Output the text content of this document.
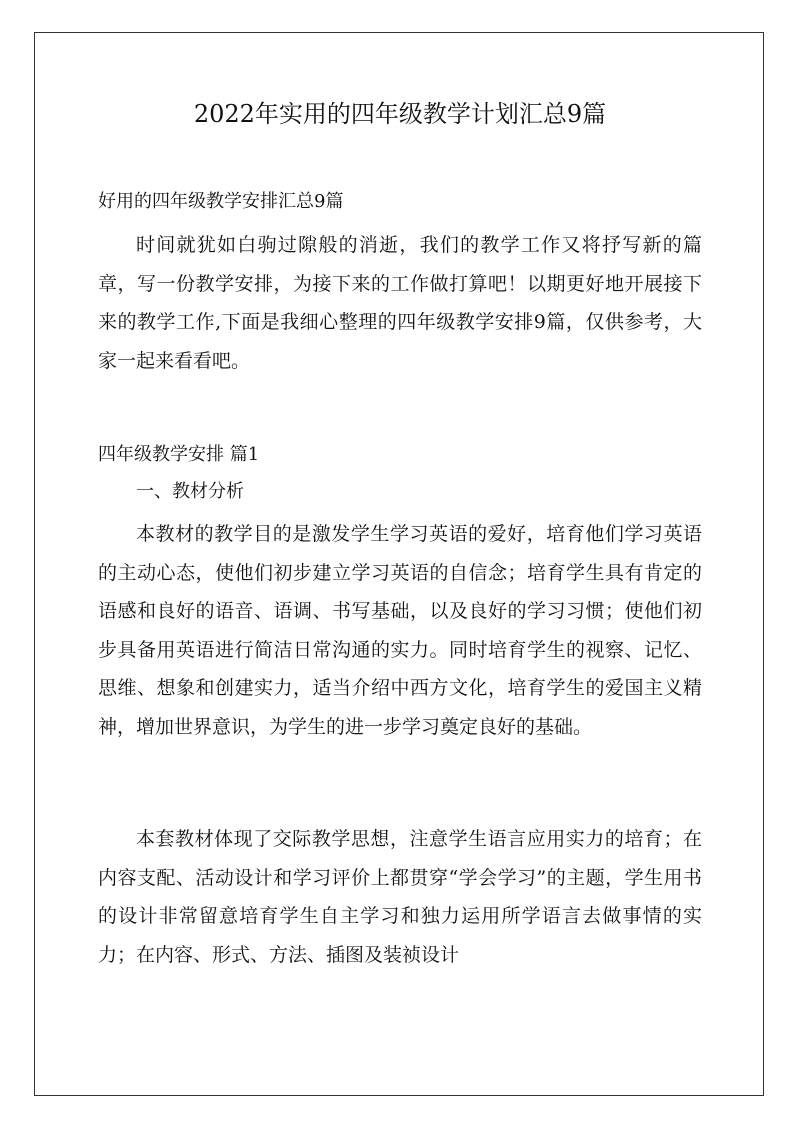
2022年实用的四年级教学计划汇总9篇
好用的四年级教学安排汇总9篇

时间就犹如白驹过隙般的消逝，我们的教学工作又将抒写新的篇章，写一份教学安排，为接下来的工作做打算吧！以期更好地开展接下来的教学工作,下面是我细心整理的四年级教学安排9篇，仅供参考，大家一起来看看吧。

四年级教学安排 篇1
一、教材分析

本教材的教学目的是激发学生学习英语的爱好，培育他们学习英语的主动心态，使他们初步建立学习英语的自信念；培育学生具有肯定的语感和良好的语音、语调、书写基础，以及良好的学习习惯；使他们初步具备用英语进行简洁日常沟通的实力。同时培育学生的视察、记忆、思维、想象和创建实力，适当介绍中西方文化，培育学生的爱国主义精神，增加世界意识，为学生的进一步学习奠定良好的基础。

本套教材体现了交际教学思想，注意学生语言应用实力的培育；在内容支配、活动设计和学习评价上都贯穿“学会学习”的主题，学生用书的设计非常留意培育学生自主学习和独力运用所学语言去做事情的实力；在内容、形式、方法、插图及装祯设计
